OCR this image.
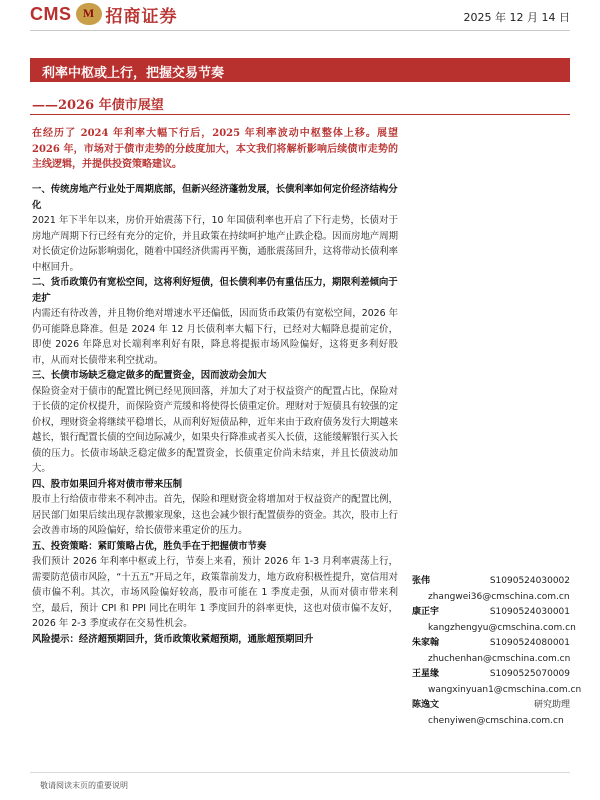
CMS M 招商证券	2025 年 12 月 14 日
利率中枢或上行，把握交易节奏
——2026 年债市展望
在经历了 2024 年利率大幅下行后，2025 年利率波动中枢整体上移。展望 2026 年，市场对于债市走势的分歧度加大，本文我们将解析影响后续债市走势的主线逻辑，并提供投资策略建议。
一、传统房地产行业处于周期底部，但新兴经济蓬勃发展，长债利率如何定价经济结构分化
2021 年下半年以来，房价开始震荡下行，10 年国债利率也开启了下行走势，长债对于房地产周期下行已经有充分的定价，并且政策在持续呵护地产止跌企稳。因而房地产周期对长债定价边际影响弱化，随着中国经济供需再平衡，通胀震荡回升，这将带动长债利率中枢回升。
二、货币政策仍有宽松空间，这将利好短债，但长债利率仍有重估压力，期限利差倾向于走扩
内需还有待改善，并且物价绝对增速水平还偏低，因而货币政策仍有宽松空间，2026 年仍可能降息降准。但是 2024 年 12 月长债利率大幅下行，已经对大幅降息提前定价，即使 2026 年降息对长端利率利好有限，降息将提振市场风险偏好，这将更多利好股市，从而对长债带来利空扰动。
三、长债市场缺乏稳定做多的配置资金，因而波动会加大
保险资金对于债市的配置比例已经见顶回落，并加大了对于权益资产的配置占比，保险对于长债的定价权提升，而保险资产荒缓和将使得长债重定价。理财对于短债具有较强的定价权，理财资金将继续平稳增长，从而利好短债品种，近年来由于政府债务发行大期越来越长，银行配置长债的空间边际减少，如果央行降准或者买入长债，这能缓解银行买入长债的压力。长债市场缺乏稳定做多的配置资金，长债重定价尚未结束，并且长债波动加大。
四、股市如果回升将对债市带来压制
股市上行给债市带来不利冲击。首先，保险和理财资金将增加对于权益资产的配置比例，居民部门如果后续出现存款搬家现象，这也会减少银行配置债券的资金。其次，股市上行会改善市场的风险偏好，给长债带来重定价的压力。
五、投资策略：紧盯策略占优，胜负手在于把握债市节奏
我们预计 2026 年利率中枢或上行，节奏上来看，预计 2026 年 1-3 月利率震荡上行，需要防范债市风险，“十五五”开局之年，政策靠前发力，地方政府积极性提升，宽信用对债市偏不利。其次，市场风险偏好较高，股市可能在 1 季度走强，从而对债市带来利空，最后，预计 CPI 和 PPI 同比在明年 1 季度回升的斜率更快，这也对债市偏不友好，2026 年 2-3 季度或存在交易性机会。
风险提示：经济超预期回升，货币政策收紧超预期，通胀超预期回升
张伟	S1090524030002
zhangwei36@cmschina.com.cn
康正宇	S1090524030001
kangzhengyu@cmschina.com.cn
朱家翰	S1090524080001
zhuchenhan@cmschina.com.cn
王星缘	S1090525070009
wangxinyuan1@cmschina.com.cn
陈逸文	研究助理
chenyiwen@cmschina.com.cn
敬请阅读末页的重要说明
